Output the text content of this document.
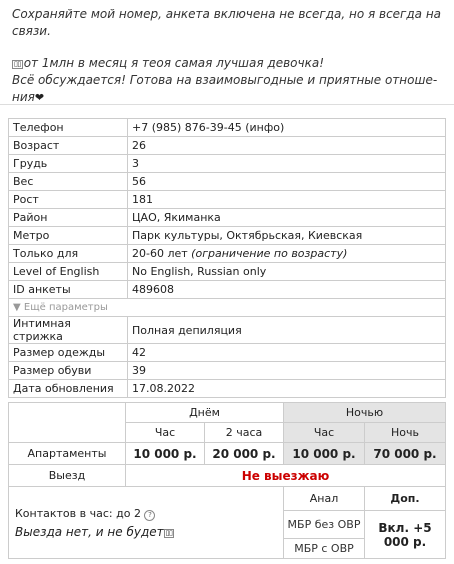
Сохраняйте мой номер, анкета включена не всегда, но я всегда на связи.

▯▯ от 1млн в месяц я теоя самая лучшая девочка!
Всё обсуждается! Готова на взаимовыгодные и приятные отноше-ния❤

Телефон	+7 (985) 876-39-45 (инфо)
Возраст	26
Грудь	3
Вес	56
Рост	181
Район	ЦАО, Якиманка
Метро	Парк культуры, Октябрьская, Киевская
Только для	20-60 лет (ограничение по возрасту)
Level of English	No English, Russian only
ID анкеты	489608
▼ Ещё параметры	
Интимная стрижка	Полная депиляция
Размер одежды	42
Размер обуви	39
Дата обновления	17.08.2022
	Днём		Ночью	
	Час	2 часа	Час	Ночь
Апартаменты	10 000 р.	20 000 р.	10 000 р.	70 000 р.
Выезд	Не выезжаю			

Контактов в час: до 2 ?
Выезда нет, и не будет ▯▯			Анал	Доп.
			МБР без ОВР	Вкл. +5 000 р.
			МБР с ОВР	
